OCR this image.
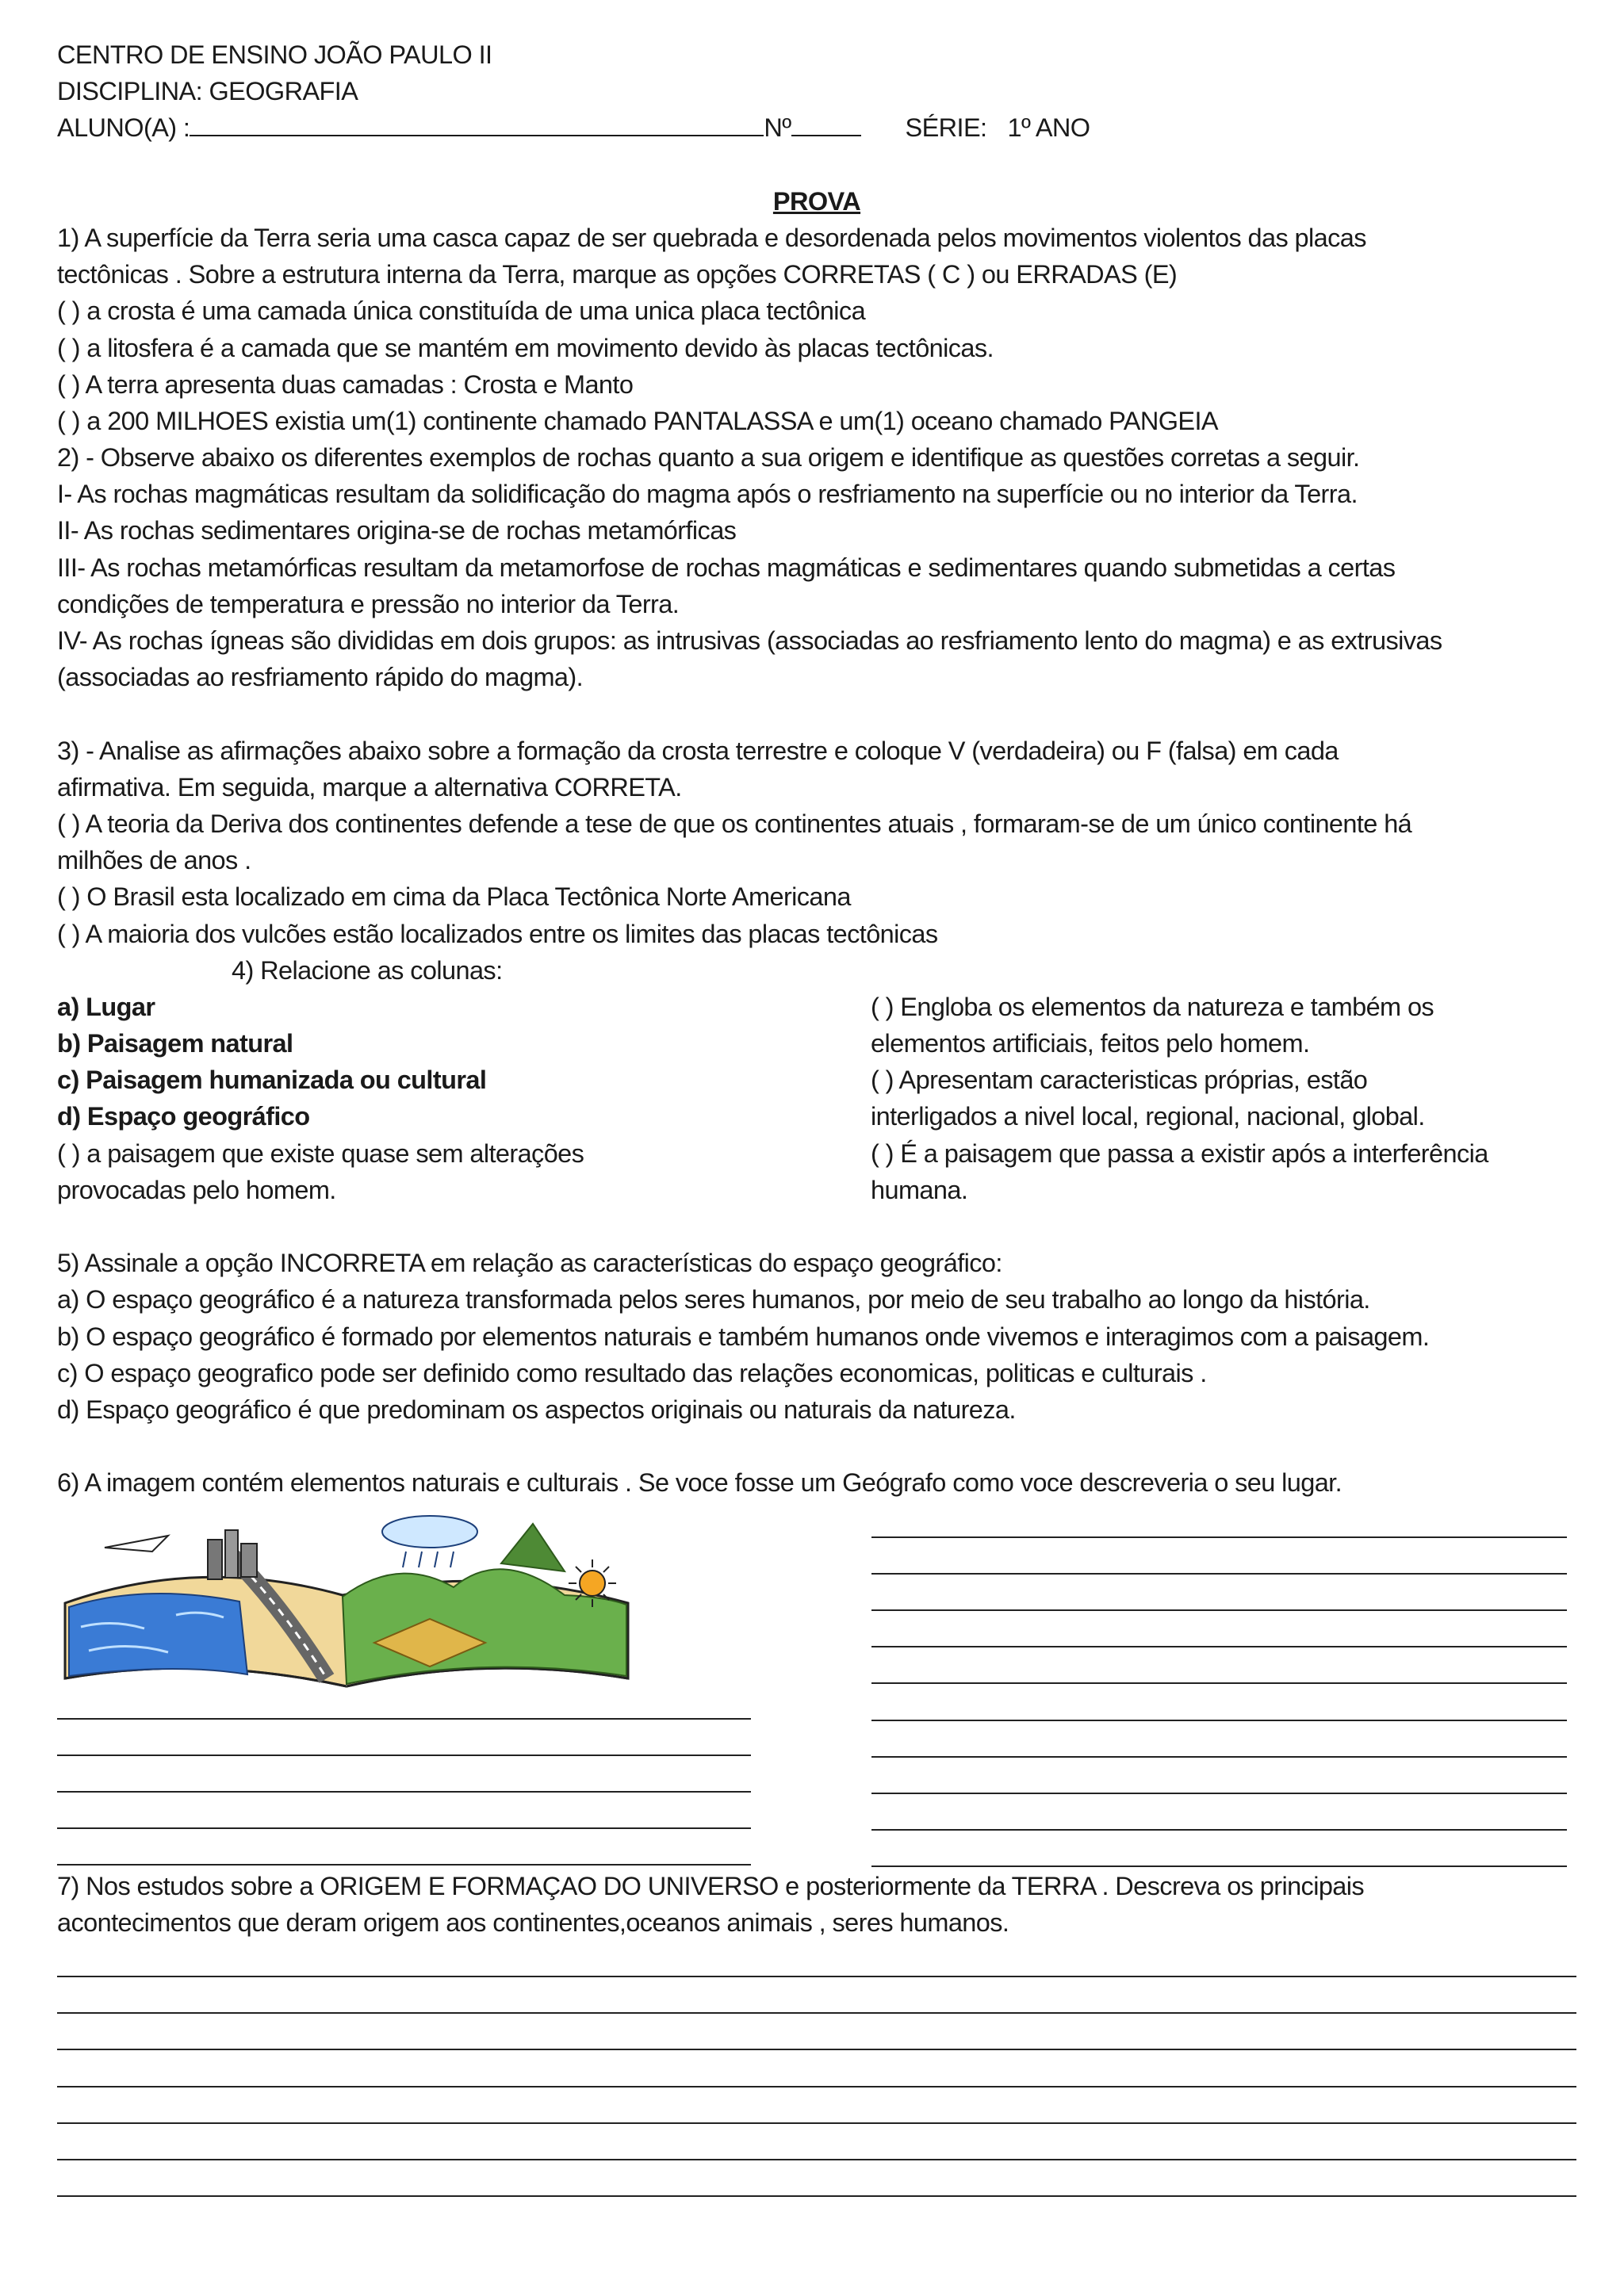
CENTRO DE ENSINO JOÃO PAULO II
DISCIPLINA: GEOGRAFIA
ALUNO(A) :	Nº	SÉRIE: 1º ANO
PROVA
1) A superfície da Terra seria uma casca capaz de ser quebrada e desordenada pelos movimentos violentos das placas
tectônicas . Sobre a estrutura interna da Terra, marque as opções CORRETAS ( C ) ou ERRADAS (E)
( ) a crosta é uma camada única constituída de uma unica placa tectônica
( ) a litosfera é a camada que se mantém em movimento devido às placas tectônicas.
( ) A terra apresenta duas camadas : Crosta e Manto
( ) a 200 MILHOES existia um(1) continente chamado PANTALASSA e um(1) oceano chamado PANGEIA
2) - Observe abaixo os diferentes exemplos de rochas quanto a sua origem e identifique as questões corretas a seguir.
I- As rochas magmáticas resultam da solidificação do magma após o resfriamento na superfície ou no interior da Terra.
II- As rochas sedimentares origina-se de rochas metamórficas
III- As rochas metamórficas resultam da metamorfose de rochas magmáticas e sedimentares quando submetidas a certas
condições de temperatura e pressão no interior da Terra.
IV- As rochas ígneas são divididas em dois grupos: as intrusivas (associadas ao resfriamento lento do magma) e as extrusivas
(associadas ao resfriamento rápido do magma).
3) - Analise as afirmações abaixo sobre a formação da crosta terrestre e coloque V (verdadeira) ou F (falsa) em cada
afirmativa. Em seguida, marque a alternativa CORRETA.
( ) A teoria da Deriva dos continentes defende a tese de que os continentes atuais , formaram-se de um único continente há
milhões de anos .
( ) O Brasil esta localizado em cima da Placa Tectônica Norte Americana
( ) A maioria dos vulcões estão localizados entre os limites das placas tectônicas
4) Relacione as colunas:
a) Lugar
b) Paisagem natural
c) Paisagem humanizada ou cultural
d) Espaço geográfico
( ) a paisagem que existe quase sem alterações
provocadas pelo homem.
( ) Engloba os elementos da natureza e também os
elementos artificiais, feitos pelo homem.
( ) Apresentam caracteristicas próprias, estão
interligados a nivel local, regional, nacional, global.
( ) É a paisagem que passa a existir após a interferência
humana.
5) Assinale a opção INCORRETA em relação as características do espaço geográfico:
a) O espaço geográfico é a natureza transformada pelos seres humanos, por meio de seu trabalho ao longo da história.
b) O espaço geográfico é formado por elementos naturais e também humanos onde vivemos e interagimos com a paisagem.
c) O espaço geografico pode ser definido como resultado das relações economicas, politicas e culturais .
d) Espaço geográfico é que predominam os aspectos originais ou naturais da natureza.
6) A imagem contém elementos naturais e culturais . Se voce fosse um Geógrafo como voce descreveria o seu lugar.
7) Nos estudos sobre a ORIGEM E FORMAÇAO DO UNIVERSO e posteriormente da TERRA . Descreva os principais
acontecimentos que deram origem aos continentes,oceanos animais , seres humanos.
